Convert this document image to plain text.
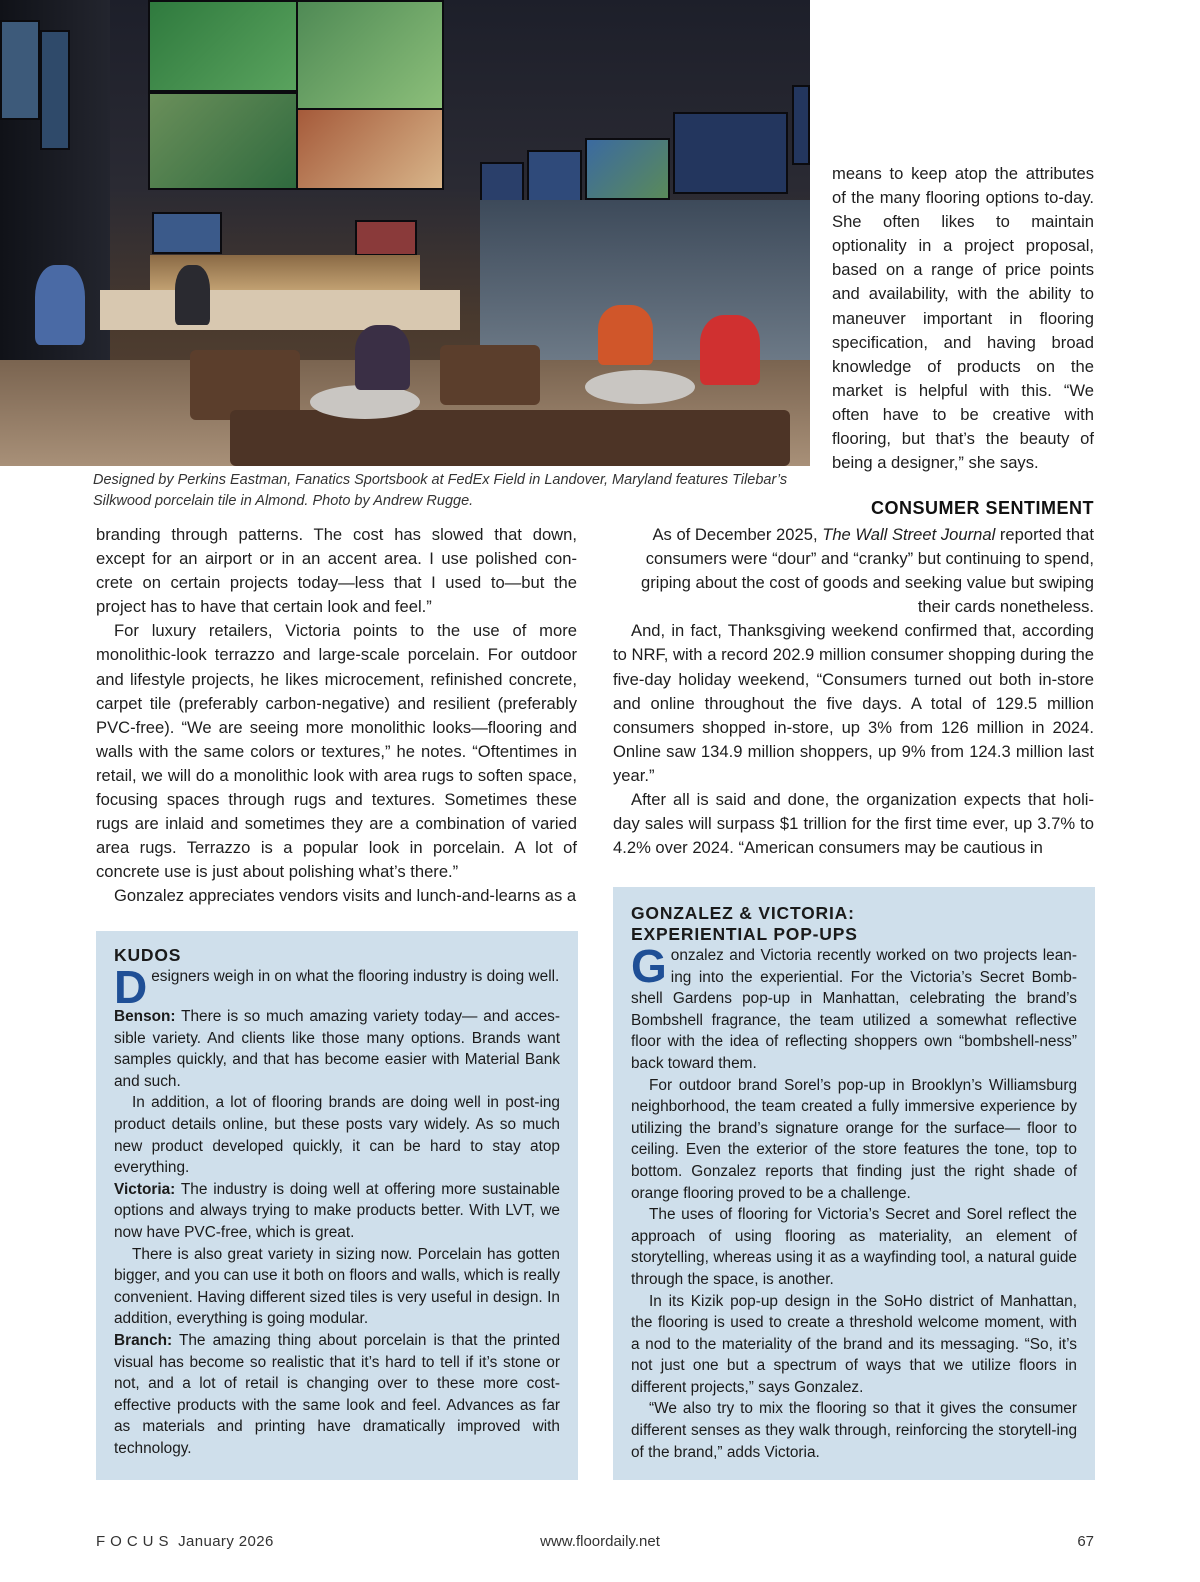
Designed by Perkins Eastman, Fanatics Sportsbook at FedEx Field in Landover, Maryland features Tilebar’s Silkwood porcelain tile in Almond. Photo by Andrew Rugge.

means to keep atop the attributes of the many flooring options to-day. She often likes to maintain optionality in a project proposal, based on a range of price points and availability, with the ability to maneuver important in flooring specification, and having broad knowledge of products on the market is helpful with this. “We often have to be creative with flooring, but that’s the beauty of being a designer,” she says.

CONSUMER SENTIMENT

branding through patterns. The cost has slowed that down, except for an airport or in an accent area. I use polished con-crete on certain projects today—less that I used to—but the project has to have that certain look and feel.”

For luxury retailers, Victoria points to the use of more monolithic-look terrazzo and large-scale porcelain. For outdoor and lifestyle projects, he likes microcement, refinished concrete, carpet tile (preferably carbon-negative) and resilient (preferably PVC-free). “We are seeing more monolithic looks—flooring and walls with the same colors or textures,” he notes. “Oftentimes in retail, we will do a monolithic look with area rugs to soften space, focusing spaces through rugs and textures. Sometimes these rugs are inlaid and sometimes they are a combination of varied area rugs. Terrazzo is a popular look in porcelain. A lot of concrete use is just about polishing what’s there.”

Gonzalez appreciates vendors visits and lunch-and-learns as a

As of December 2025, The Wall Street Journal reported that consumers were “dour” and “cranky” but continuing to spend, griping about the cost of goods and seeking value but swiping their cards nonetheless.

And, in fact, Thanksgiving weekend confirmed that, according to NRF, with a record 202.9 million consumer shopping during the five-day holiday weekend, “Consumers turned out both in-store and online throughout the five days. A total of 129.5 million consumers shopped in-store, up 3% from 126 million in 2024. Online saw 134.9 million shoppers, up 9% from 124.3 million last year.”

After all is said and done, the organization expects that holi-day sales will surpass $1 trillion for the first time ever, up 3.7% to 4.2% over 2024. “American consumers may be cautious in

KUDOS

Designers weigh in on what the flooring industry is doing well.

Benson: There is so much amazing variety today— and acces-sible variety. And clients like those many options. Brands want samples quickly, and that has become easier with Material Bank and such.

In addition, a lot of flooring brands are doing well in post-ing product details online, but these posts vary widely. As so much new product developed quickly, it can be hard to stay atop everything.

Victoria: The industry is doing well at offering more sustainable options and always trying to make products better. With LVT, we now have PVC-free, which is great.

There is also great variety in sizing now. Porcelain has gotten bigger, and you can use it both on floors and walls, which is really convenient. Having different sized tiles is very useful in design. In addition, everything is going modular.

Branch: The amazing thing about porcelain is that the printed visual has become so realistic that it’s hard to tell if it’s stone or not, and a lot of retail is changing over to these more cost-effective products with the same look and feel. Advances as far as materials and printing have dramatically improved with technology.

GONZALEZ & VICTORIA:
EXPERIENTIAL POP-UPS

Gonzalez and Victoria recently worked on two projects lean-ing into the experiential. For the Victoria’s Secret Bomb-shell Gardens pop-up in Manhattan, celebrating the brand’s Bombshell fragrance, the team utilized a somewhat reflective floor with the idea of reflecting shoppers own “bombshell-ness” back toward them.

For outdoor brand Sorel’s pop-up in Brooklyn’s Williamsburg neighborhood, the team created a fully immersive experience by utilizing the brand’s signature orange for the surface— floor to ceiling. Even the exterior of the store features the tone, top to bottom. Gonzalez reports that finding just the right shade of orange flooring proved to be a challenge.

The uses of flooring for Victoria’s Secret and Sorel reflect the approach of using flooring as materiality, an element of storytelling, whereas using it as a wayfinding tool, a natural guide through the space, is another.

In its Kizik pop-up design in the SoHo district of Manhattan, the flooring is used to create a threshold welcome moment, with a nod to the materiality of the brand and its messaging. “So, it’s not just one but a spectrum of ways that we utilize floors in different projects,” says Gonzalez.

“We also try to mix the flooring so that it gives the consumer different senses as they walk through, reinforcing the storytell-ing of the brand,” adds Victoria.

FOCUS January 2026	www.floordaily.net	67
